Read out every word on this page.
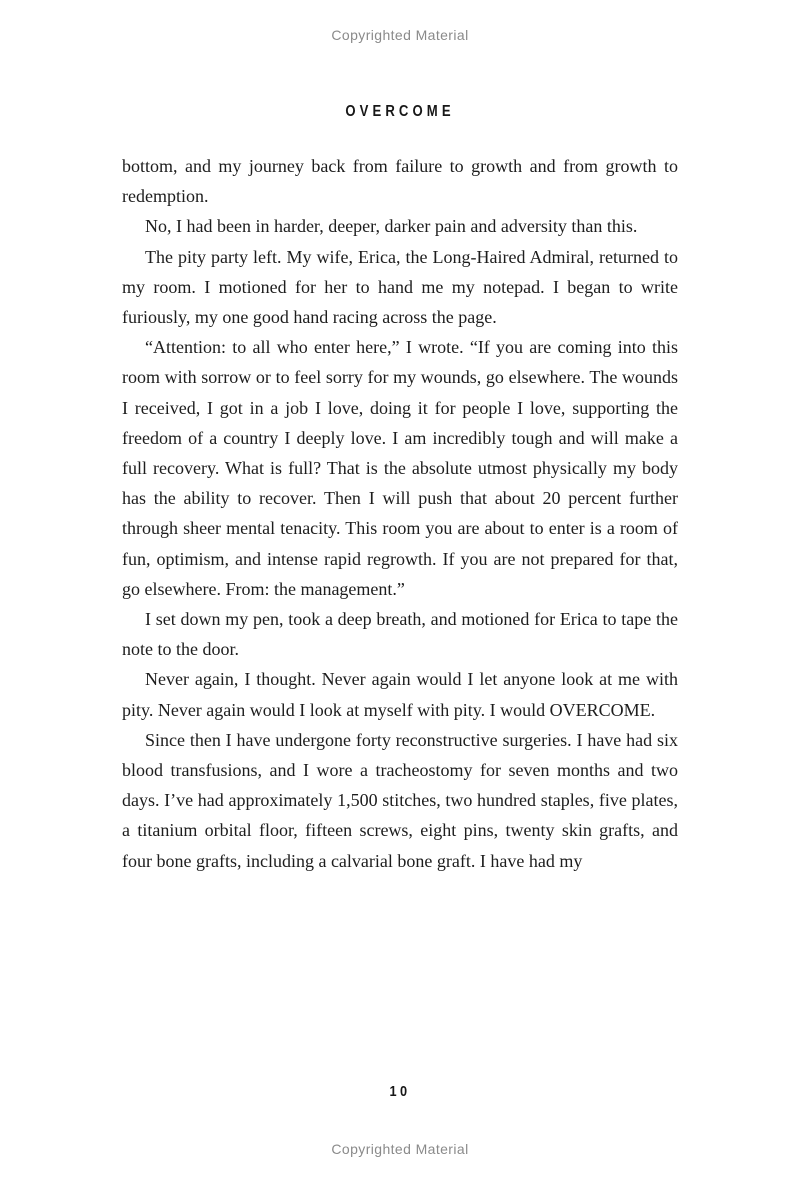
Copyrighted Material
OVERCOME

bottom, and my journey back from failure to growth and from growth to redemption.

No, I had been in harder, deeper, darker pain and adversity than this.

The pity party left. My wife, Erica, the Long-Haired Admiral, returned to my room. I motioned for her to hand me my notepad. I began to write furiously, my one good hand racing across the page.

“Attention: to all who enter here,” I wrote. “If you are coming into this room with sorrow or to feel sorry for my wounds, go elsewhere. The wounds I received, I got in a job I love, doing it for people I love, supporting the freedom of a country I deeply love. I am incredibly tough and will make a full recovery. What is full? That is the absolute utmost physically my body has the ability to recover. Then I will push that about 20 percent further through sheer mental tenacity. This room you are about to enter is a room of fun, optimism, and intense rapid regrowth. If you are not prepared for that, go elsewhere. From: the management.”

I set down my pen, took a deep breath, and motioned for Erica to tape the note to the door.

Never again, I thought. Never again would I let anyone look at me with pity. Never again would I look at myself with pity. I would OVERCOME.

Since then I have undergone forty reconstructive surgeries. I have had six blood transfusions, and I wore a tracheostomy for seven months and two days. I’ve had approximately 1,500 stitches, two hundred staples, five plates, a titanium orbital floor, fifteen screws, eight pins, twenty skin grafts, and four bone grafts, including a calvarial bone graft. I have had my

10
Copyrighted Material
